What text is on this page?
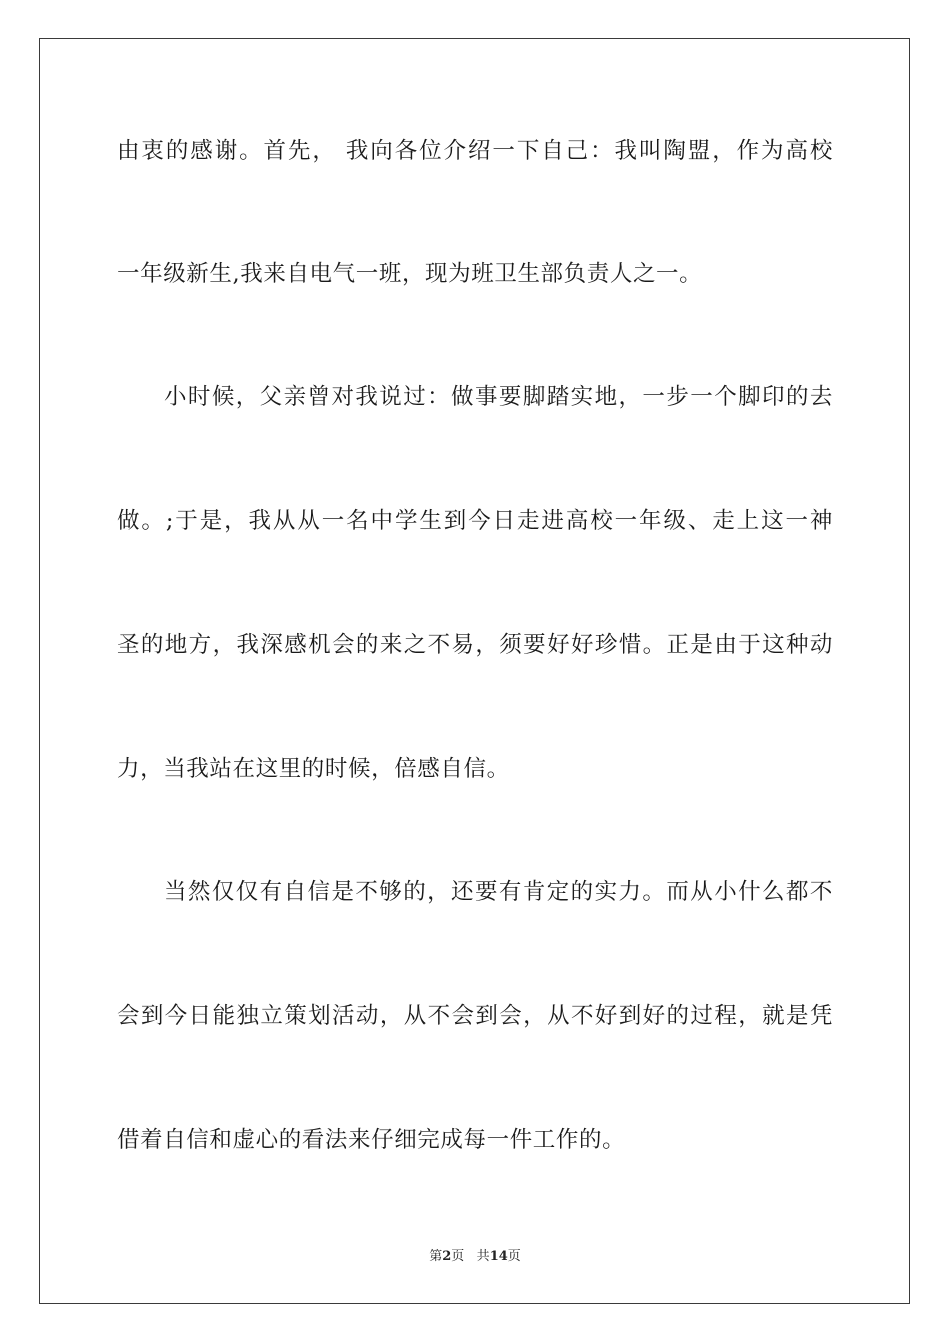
由衷的感谢。首先， 我向各位介绍一下自己：我叫陶盟，作为高校
一年级新生,我来自电气一班，现为班卫生部负责人之一。
小时候，父亲曾对我说过：做事要脚踏实地，一步一个脚印的去
做。;于是，我从从一名中学生到今日走进高校一年级、走上这一神
圣的地方，我深感机会的来之不易，须要好好珍惜。正是由于这种动
力，当我站在这里的时候，倍感自信。
当然仅仅有自信是不够的，还要有肯定的实力。而从小什么都不
会到今日能独立策划活动，从不会到会，从不好到好的过程，就是凭
借着自信和虚心的看法来仔细完成每一件工作的。
第2页 共14页
